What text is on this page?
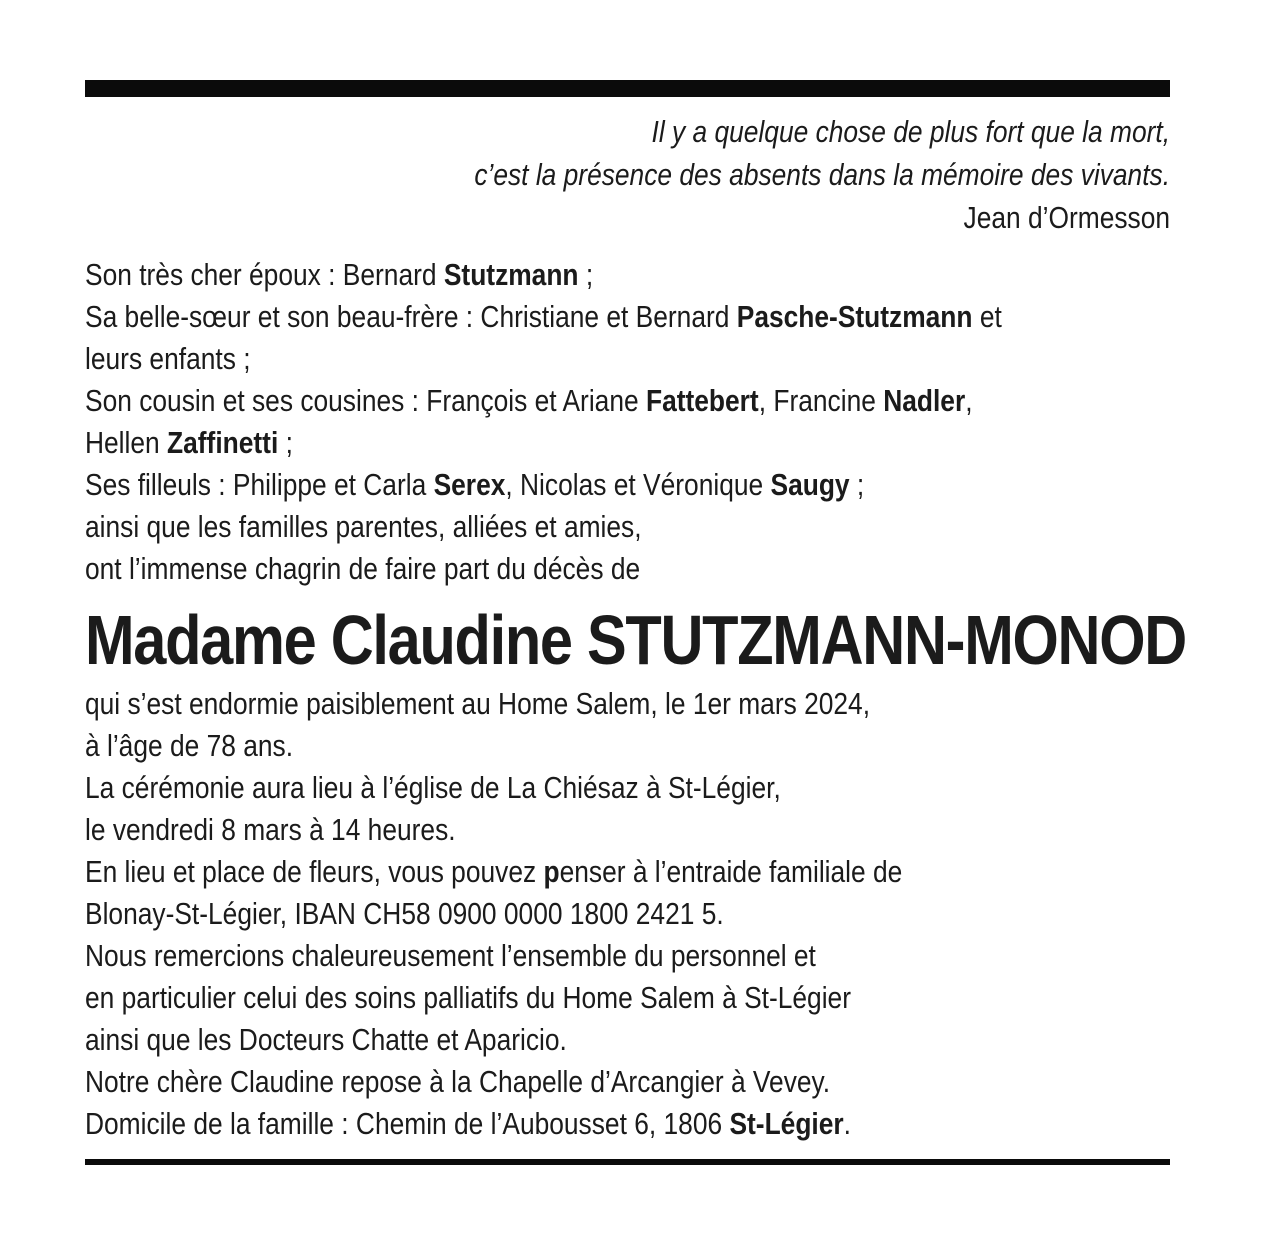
Il y a quelque chose de plus fort que la mort,
c’est la présence des absents dans la mémoire des vivants.
Jean d’Ormesson
Son très cher époux : Bernard Stutzmann ;
Sa belle-sœur et son beau-frère : Christiane et Bernard Pasche-Stutzmann et
leurs enfants ;
Son cousin et ses cousines : François et Ariane Fattebert, Francine Nadler,
Hellen Zaffinetti ;
Ses filleuls : Philippe et Carla Serex, Nicolas et Véronique Saugy ;
ainsi que les familles parentes, alliées et amies,
ont l’immense chagrin de faire part du décès de
Madame Claudine STUTZMANN-MONOD
qui s’est endormie paisiblement au Home Salem, le 1er mars 2024,
à l’âge de 78 ans.
La cérémonie aura lieu à l’église de La Chiésaz à St-Légier,
le vendredi 8 mars à 14 heures.
En lieu et place de fleurs, vous pouvez penser à l’entraide familiale de
Blonay-St-Légier, IBAN CH58 0900 0000 1800 2421 5.
Nous remercions chaleureusement l’ensemble du personnel et
en particulier celui des soins palliatifs du Home Salem à St-Légier
ainsi que les Docteurs Chatte et Aparicio.
Notre chère Claudine repose à la Chapelle d’Arcangier à Vevey.
Domicile de la famille : Chemin de l’Aubousset 6, 1806 St-Légier.
